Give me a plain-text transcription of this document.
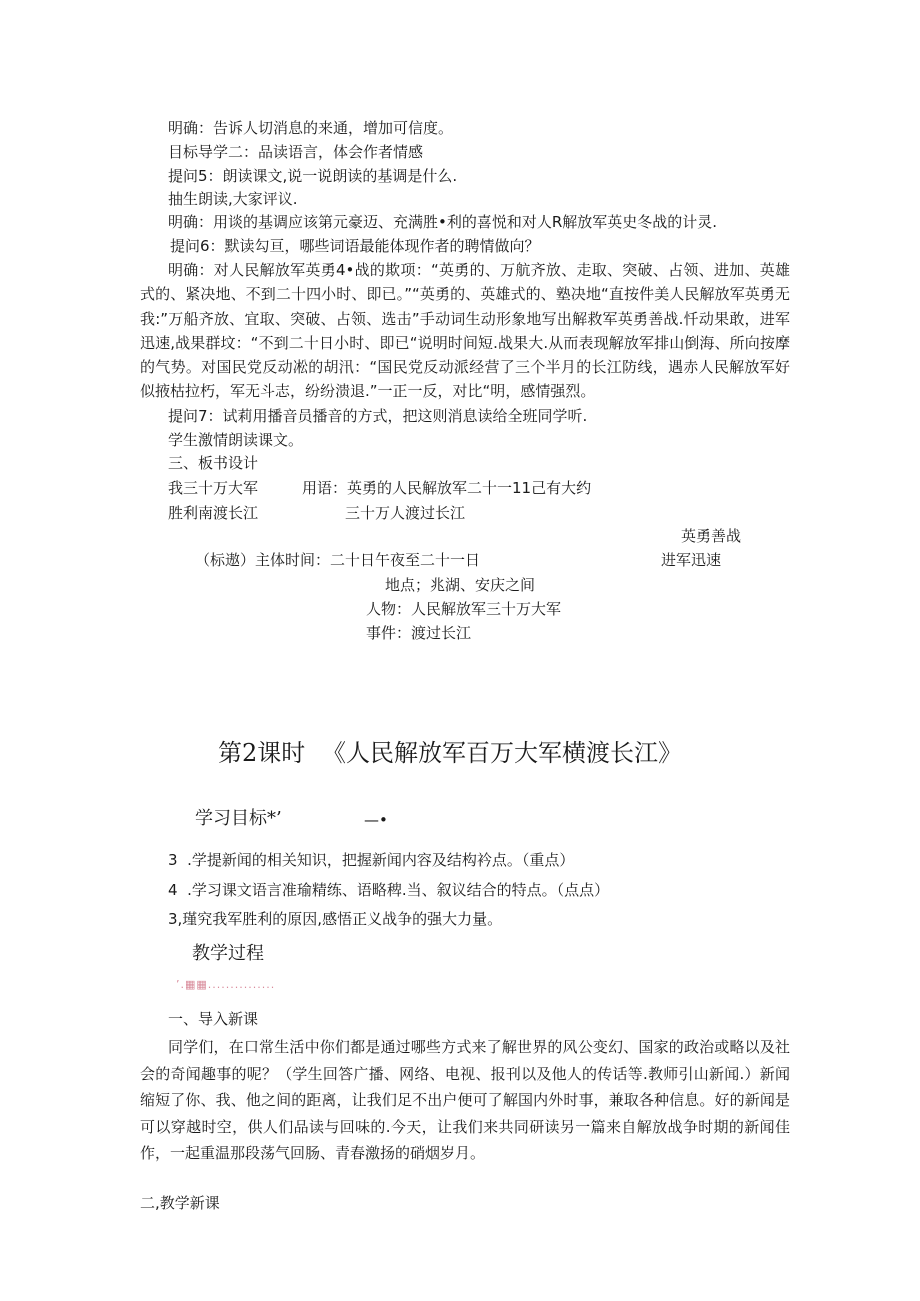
明确：告诉人切消息的来通，增加可信度。
目标导学二：品读语言，体会作者情感
提问5：朗读课文,说一说朗读的基调是什么.
抽生朗读,大家评议.
明确：用谈的基调应该第元豪迈、充满胜•利的喜悦和对人R解放军英史冬战的计灵.
提问6：默读勾亘，哪些词语最能体现作者的聘情做向？

明确：对人民解放军英勇4•战的欺项：“英勇的、万航齐放、走取、突破、占领、进加、英雄式的、紧决地、不到二十四小时、即已。”“英勇的、英雄式的、塾决地“直按件美人民解放军英勇无我:”万船齐放、宜取、突破、占领、选击”手动词生动形象地写出解救军英勇善战.忏动果敢，进军迅速,战果群坟：“不到二十日小时、即已“说明时间短.战果大.从而表现解放军排山倒海、所向按摩的气势。对国民党反动凇的胡汛：“国民党反动派经营了三个半月的长江防线，遇赤人民解放军好似掖枯拉朽，军无斗志，纷纷溃退.”一正一反，对比“明，感情强烈。

提问7：试莉用播音员播音的方式，把这则消息读给全班同学听.
学生激情朗读课文。
三、板书设计
我三十万大军	用语：英勇的人民解放军二十一11己有大约
胜利南渡长江	三十万人渡过长江
英勇善战
（标遨）主体时间：二十日午夜至二十一日	进军迅速
地点；兆湖、安庆之间
人物：人民解放军三十万大军
事件：渡过长江
第2课时 《人民解放军百万大军横渡长江》
学习目标*’	—•
3  .学提新闻的相关知识，把握新闻内容及结构衿点。（重点）
4  .学习课文语言准瑜精练、语略稗.当、叙议结合的特点。（点点）
3,瑾究我军胜利的原因,感悟正义战争的强大力量。
教学过程
’.▦▦...............
一、导入新课

同学们，在口常生活中你们都是通过哪些方式来了解世界的风公变幻、国家的政治或略以及社会的奇闻趣事的呢？（学生回答广播、网络、电视、报刊以及他人的传话等.教师引山新闻.）新闻缩短了你、我、他之间的距离，让我们足不出户便可了解国内外时事，兼取各种信息。好的新闻是可以穿越时空，供人们品读与回味的.今天，让我们来共同研读另一篇来自解放战争时期的新闻佳作，一起重温那段荡气回肠、青春激扬的硝烟岁月。

二,教学新课
